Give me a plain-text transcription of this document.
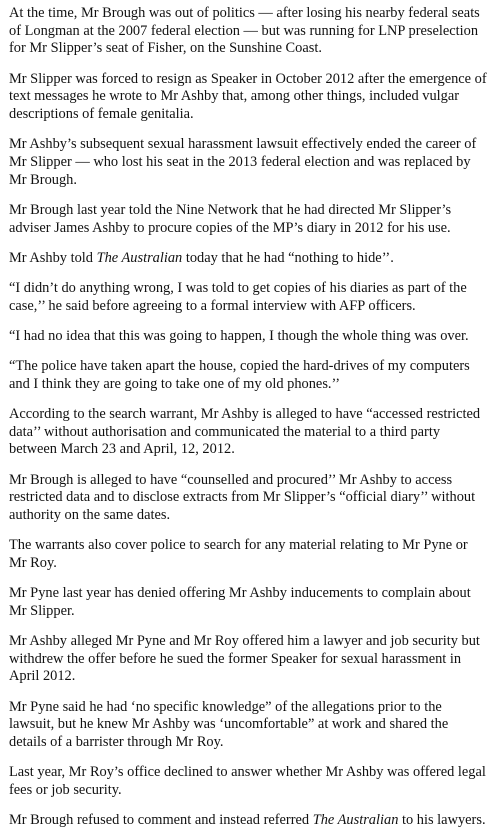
At the time, Mr Brough was out of politics — after losing his nearby federal seats of Longman at the 2007 federal election — but was running for LNP preselection for Mr Slipper’s seat of Fisher, on the Sunshine Coast.

Mr Slipper was forced to resign as Speaker in October 2012 after the emergence of text messages he wrote to Mr Ashby that, among other things, included vulgar descriptions of female genitalia.

Mr Ashby’s subsequent sexual harassment lawsuit effectively ended the career of Mr Slipper — who lost his seat in the 2013 federal election and was replaced by Mr Brough.

Mr Brough last year told the Nine Network that he had directed Mr Slipper’s adviser James Ashby to procure copies of the MP’s diary in 2012 for his use.

Mr Ashby told The Australian today that he had “nothing to hide’’.

“I didn’t do anything wrong, I was told to get copies of his diaries as part of the case,’’ he said before agreeing to a formal interview with AFP officers.

“I had no idea that this was going to happen, I though the whole thing was over.

“The police have taken apart the house, copied the hard-drives of my computers and I think they are going to take one of my old phones.’’

According to the search warrant, Mr Ashby is alleged to have “accessed restricted data’’ without authorisation and communicated the material to a third party between March 23 and April, 12, 2012.

Mr Brough is alleged to have “counselled and procured’’ Mr Ashby to access restricted data and to disclose extracts from Mr Slipper’s “official diary’’ without authority on the same dates.

The warrants also cover police to search for any material relating to Mr Pyne or Mr Roy.

Mr Pyne last year has denied offering Mr Ashby inducements to complain about Mr Slipper.

Mr Ashby alleged Mr Pyne and Mr Roy offered him a lawyer and job security but withdrew the offer before he sued the former Speaker for sexual harassment in April 2012.

Mr Pyne said he had ‘no specific knowledge” of the allegations prior to the lawsuit, but he knew Mr Ashby was ‘uncomfortable” at work and shared the details of a barrister through Mr Roy.

Last year, Mr Roy’s office declined to answer whether Mr Ashby was offered legal fees or job security.

Mr Brough refused to comment and instead referred The Australian to his lawyers.
